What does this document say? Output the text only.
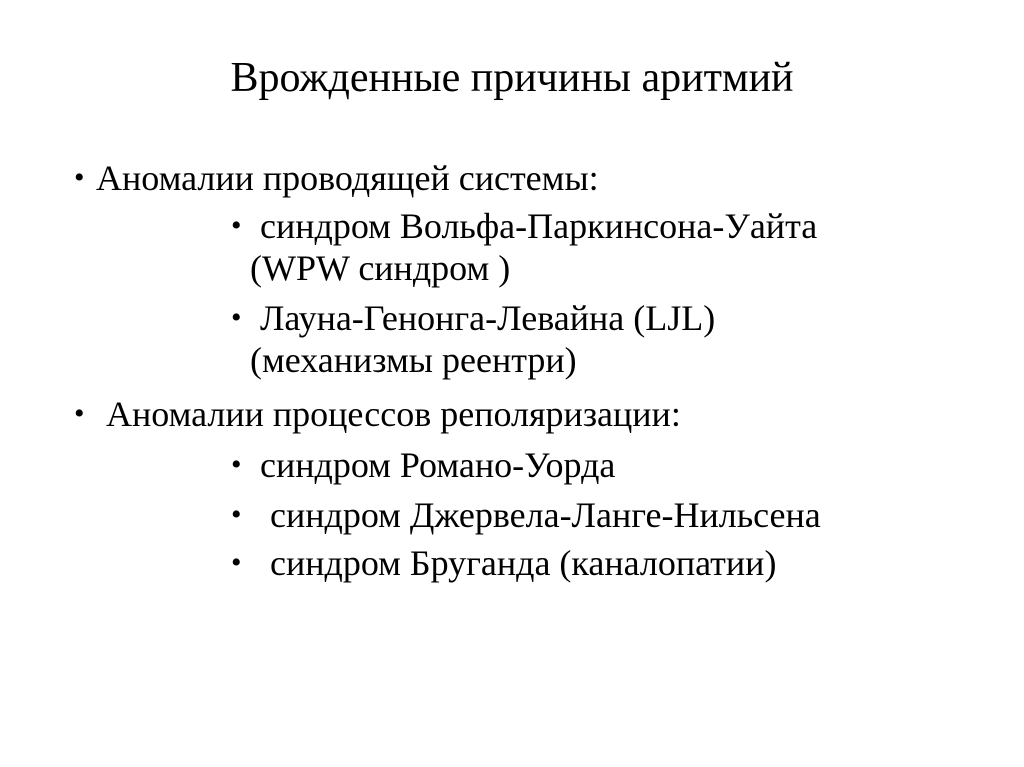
Врожденные причины аритмий
• Аномалии проводящей системы:
• синдром Вольфа-Паркинсона-Уайта
(WPW синдром )
• Лауна-Генонга-Левайна (LJL)
(механизмы реентри)
• Аномалии процессов реполяризации:
• синдром Романо-Уорда
• синдром Джервела-Ланге-Нильсена
• синдром Бруганда (каналопатии)
